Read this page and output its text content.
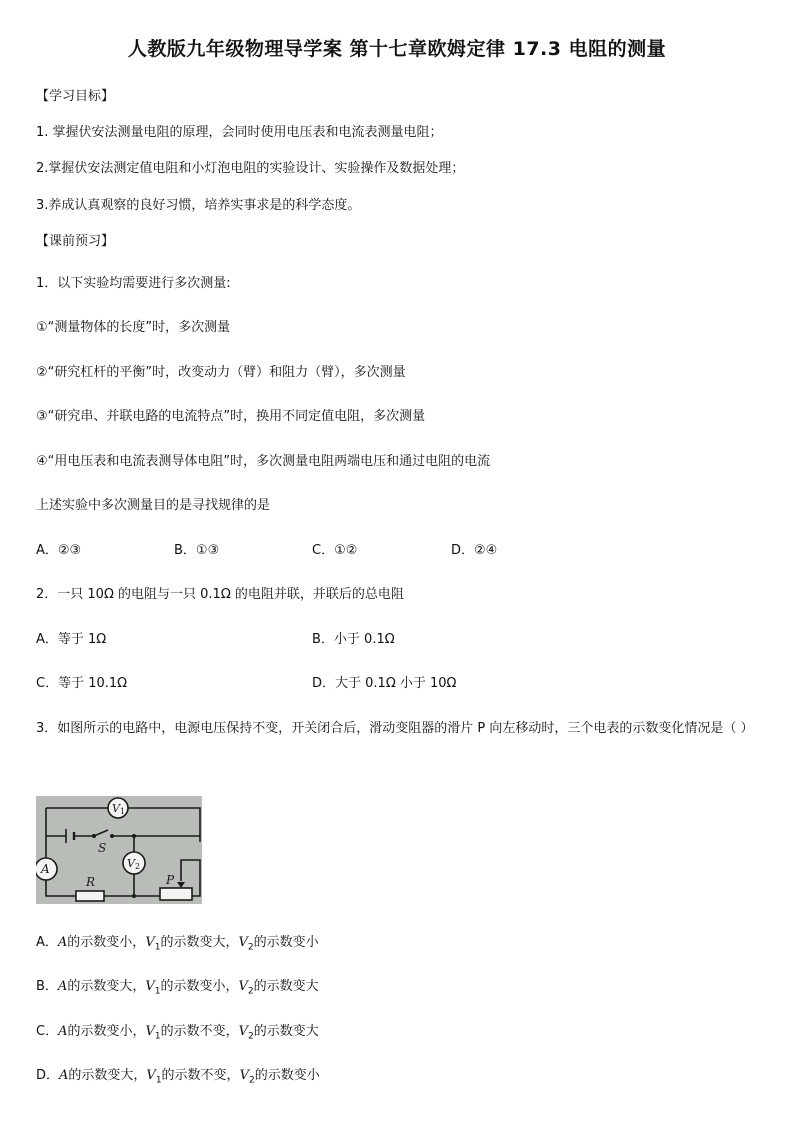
人教版九年级物理导学案 第十七章欧姆定律 17.3 电阻的测量
【学习目标】
1. 掌握伏安法测量电阻的原理，会同时使用电压表和电流表测量电阻；
2.掌握伏安法测定值电阻和小灯泡电阻的实验设计、实验操作及数据处理；
3.养成认真观察的良好习惯，培养实事求是的科学态度。
【课前预习】
1．以下实验均需要进行多次测量:
①“测量物体的长度”时，多次测量
②“研究杠杆的平衡”时，改变动力（臂）和阻力（臂），多次测量
③“研究串、并联电路的电流特点”时，换用不同定值电阻，多次测量
④“用电压表和电流表测导体电阻”时，多次测量电阻两端电压和通过电阻的电流
上述实验中多次测量目的是寻找规律的是
A．②③	B．①③	C．①②	D．②④
2．一只 10Ω 的电阻与一只 0.1Ω 的电阻并联，并联后的总电阻
A．等于 1Ω	B．小于 0.1Ω
C．等于 10.1Ω	D．大于 0.1Ω 小于 10Ω
3．如图所示的电路中，电源电压保持不变，开关闭合后，滑动变阻器的滑片 P 向左移动时，三个电表的示数变化情况是（ ）
V1
V2
A
S
R	P
A．A的示数变小，$V_1$的示数变大，$V_2$的示数变小
B．A的示数变大，$V_1$的示数变小，$V_2$的示数变大
C．A的示数变小，$V_1$的示数不变，$V_2$的示数变大
D．A的示数变大，$V_1$的示数不变，$V_2$的示数变小
